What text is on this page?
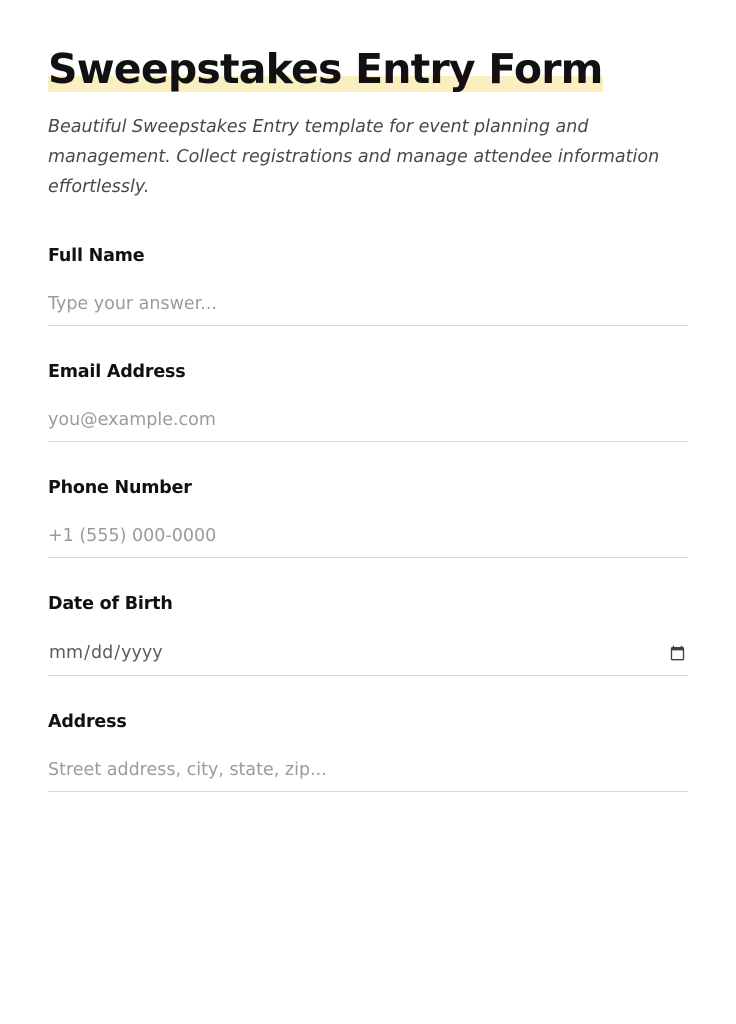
Sweepstakes Entry Form

Beautiful Sweepstakes Entry template for event planning and management. Collect registrations and manage attendee information effortlessly.

Full Name
Type your answer...
Email Address
you@example.com
Phone Number
+1 (555) 000-0000
Date of Birth
dd/mm/yyyy
Address
Street address, city, state, zip...
